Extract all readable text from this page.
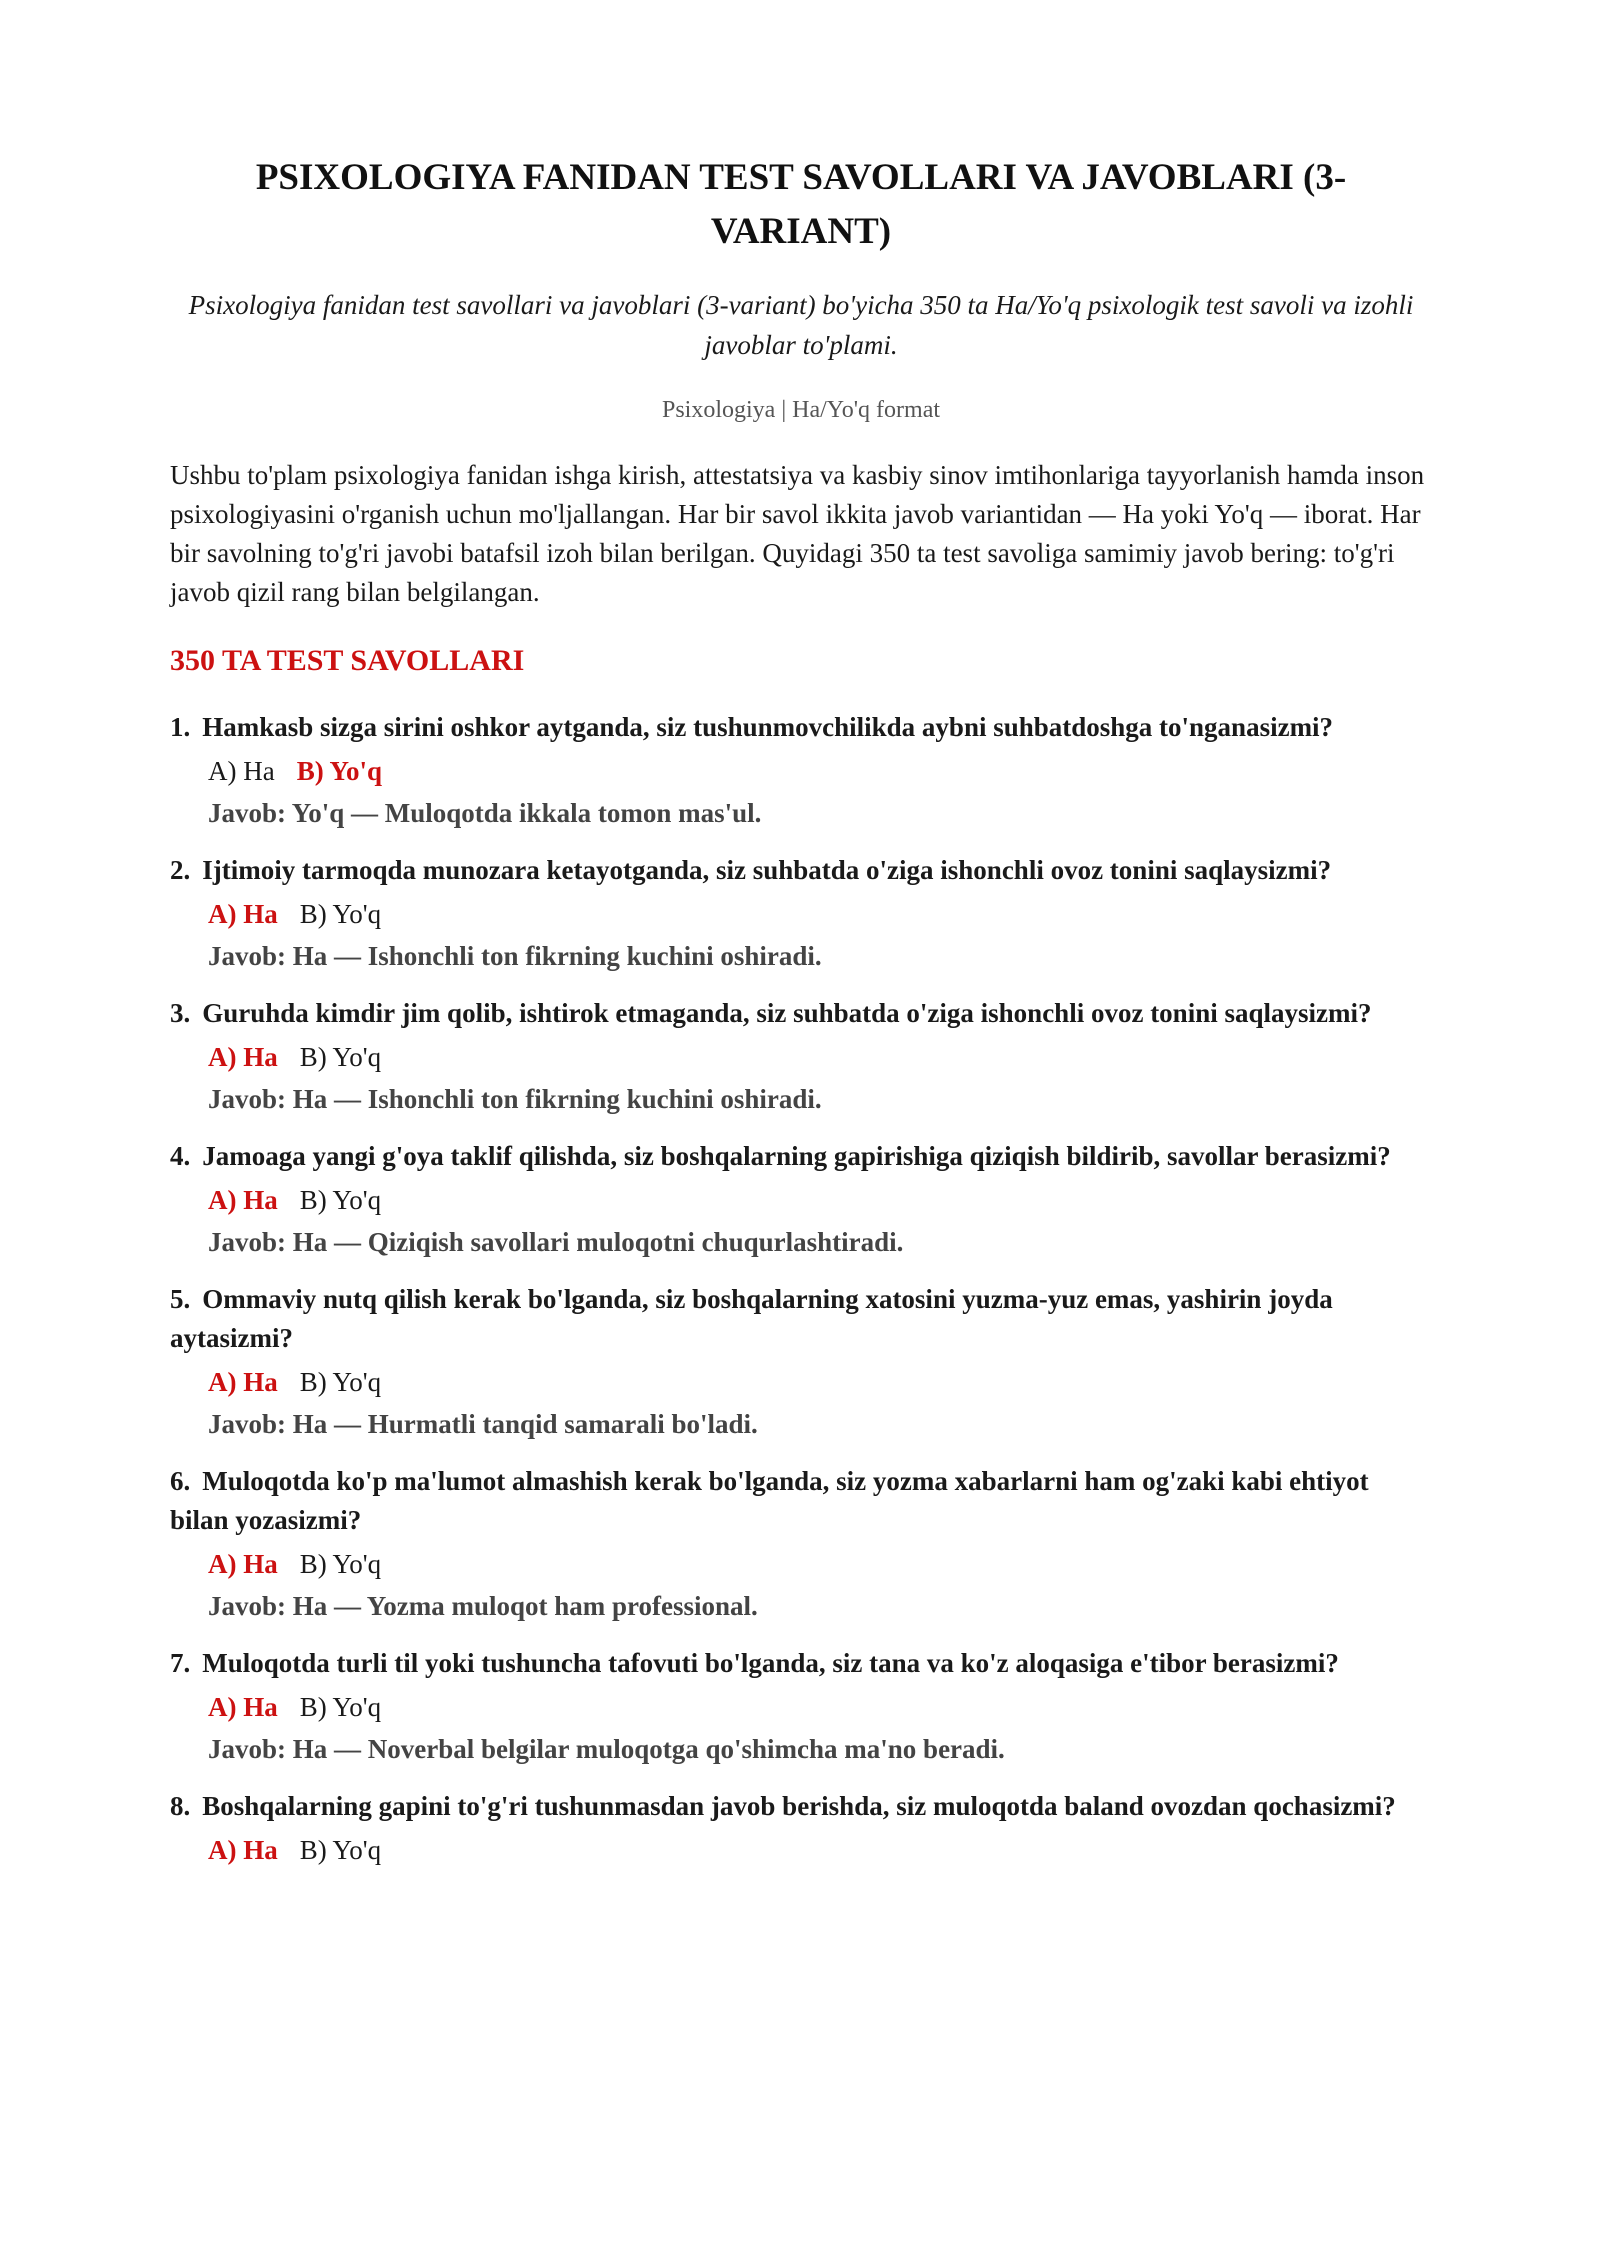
PSIXOLOGIYA FANIDAN TEST SAVOLLARI VA JAVOBLARI (3-VARIANT)

Psixologiya fanidan test savollari va javoblari (3-variant) bo'yicha 350 ta Ha/Yo'q psixologik test savoli va izohli javoblar to'plami.

Psixologiya | Ha/Yo'q format

Ushbu to'plam psixologiya fanidan ishga kirish, attestatsiya va kasbiy sinov imtihonlariga tayyorlanish hamda inson psixologiyasini o'rganish uchun mo'ljallangan. Har bir savol ikkita javob variantidan — Ha yoki Yo'q — iborat. Har bir savolning to'g'ri javobi batafsil izoh bilan berilgan. Quyidagi 350 ta test savoliga samimiy javob bering: to'g'ri javob qizil rang bilan belgilangan.

350 TA TEST SAVOLLARI
1. Hamkasb sizga sirini oshkor aytganda, siz tushunmovchilikda aybni suhbatdoshga to'nganasizmi?
A) Ha B) Yo'q
Javob: Yo'q — Muloqotda ikkala tomon mas'ul.
2. Ijtimoiy tarmoqda munozara ketayotganda, siz suhbatda o'ziga ishonchli ovoz tonini saqlaysizmi?
A) Ha B) Yo'q
Javob: Ha — Ishonchli ton fikrning kuchini oshiradi.
3. Guruhda kimdir jim qolib, ishtirok etmaganda, siz suhbatda o'ziga ishonchli ovoz tonini saqlaysizmi?
A) Ha B) Yo'q
Javob: Ha — Ishonchli ton fikrning kuchini oshiradi.
4. Jamoaga yangi g'oya taklif qilishda, siz boshqalarning gapirishiga qiziqish bildirib, savollar berasizmi?
A) Ha B) Yo'q
Javob: Ha — Qiziqish savollari muloqotni chuqurlashtiradi.
5. Ommaviy nutq qilish kerak bo'lganda, siz boshqalarning xatosini yuzma-yuz emas, yashirin joyda aytasizmi?
A) Ha B) Yo'q
Javob: Ha — Hurmatli tanqid samarali bo'ladi.
6. Muloqotda ko'p ma'lumot almashish kerak bo'lganda, siz yozma xabarlarni ham og'zaki kabi ehtiyot bilan yozasizmi?
A) Ha B) Yo'q
Javob: Ha — Yozma muloqot ham professional.
7. Muloqotda turli til yoki tushuncha tafovuti bo'lganda, siz tana va ko'z aloqasiga e'tibor berasizmi?
A) Ha B) Yo'q
Javob: Ha — Noverbal belgilar muloqotga qo'shimcha ma'no beradi.
8. Boshqalarning gapini to'g'ri tushunmasdan javob berishda, siz muloqotda baland ovozdan qochasizmi?
A) Ha B) Yo'q
